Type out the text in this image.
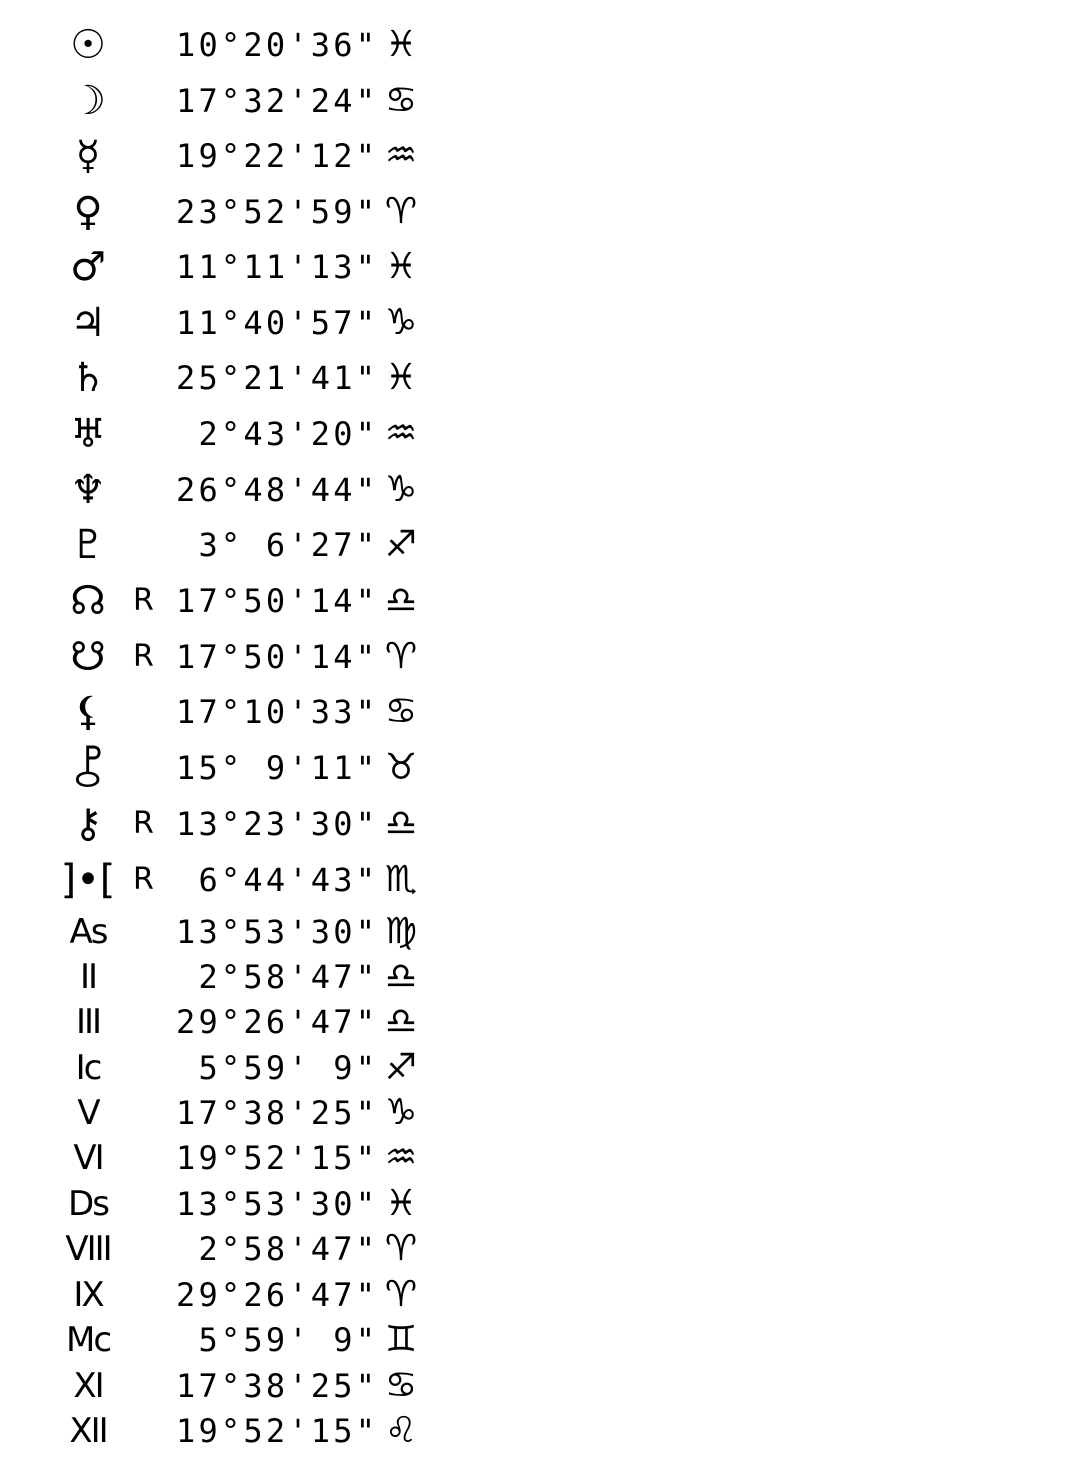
☉	10°20'36" ♓
☽	17°32'24" ♋
☿	19°22'12" ♒
♀	23°52'59" ♈
♂	11°11'13" ♓
♃	11°40'57" ♑
♄	25°21'41" ♓
♅	2°43'20" ♒
♆	26°48'44" ♑
♇	3° 6'27" ♐
☊ R 17°50'14" ♎
☋ R 17°50'14" ♈
⚸	17°10'33" ♋
⯛	15° 9'11" ♉
⚷	R 13°23'30" ♎
]•[ R 6°44'43" ♏
As	13°53'30" ♍
II	2°58'47" ♎
III	29°26'47" ♎
Ic	5°59' 9" ♐
V	17°38'25" ♑
VI	19°52'15" ♒
Ds	13°53'30" ♓
VIII 2°58'47" ♈
IX	29°26'47" ♈
Mc 5°59' 9" ♊
XI	17°38'25" ♋
XII	19°52'15" ♌
